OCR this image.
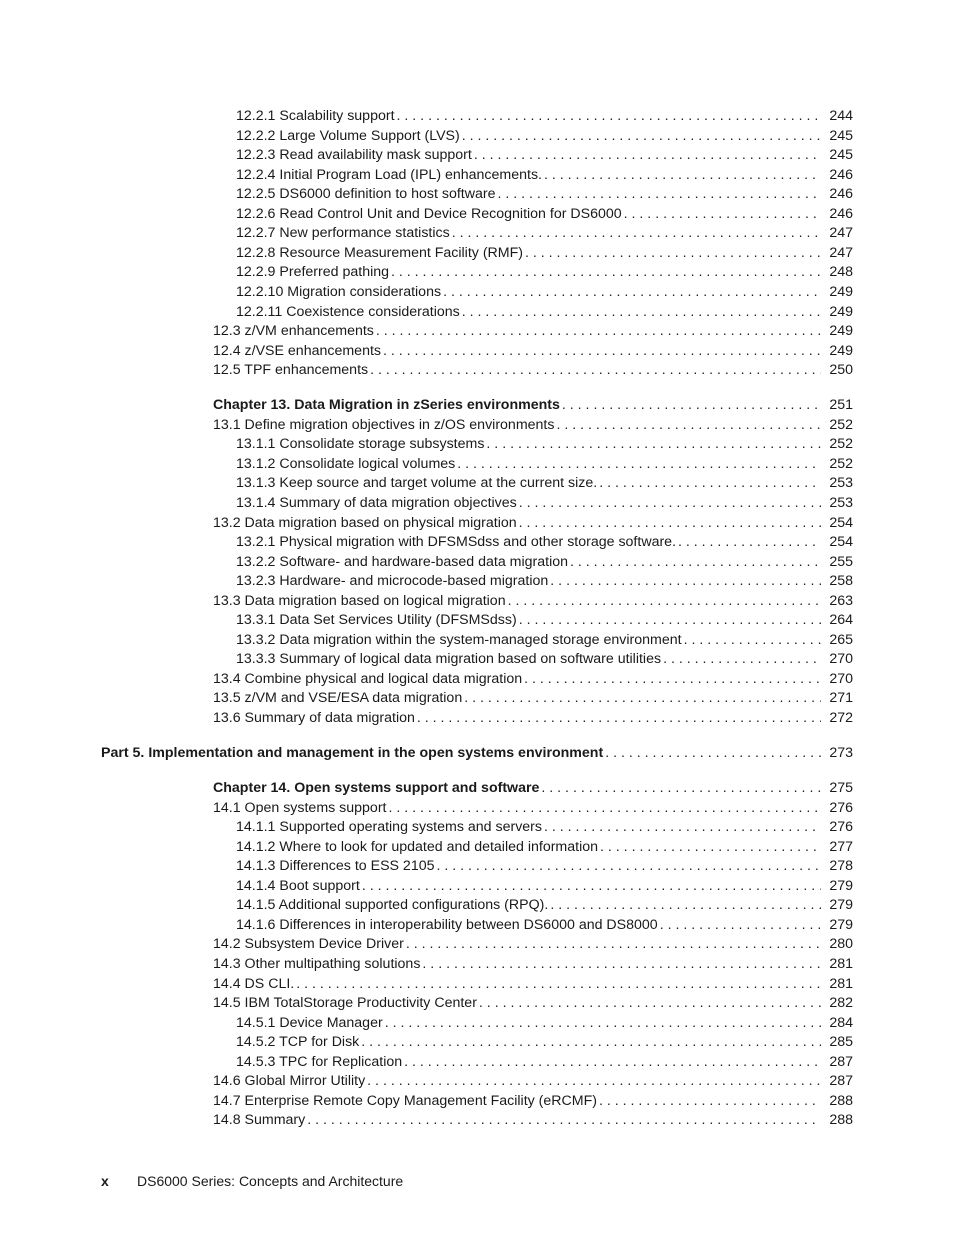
12.2.1 Scalability support . . .	244
12.2.2 Large Volume Support (LVS) . . .	245
12.2.3 Read availability mask support . . .	245
12.2.4 Initial Program Load (IPL) enhancements. . . .	246
12.2.5 DS6000 definition to host software . . .	246
12.2.6 Read Control Unit and Device Recognition for DS6000 . . .	246
12.2.7 New performance statistics . . .	247
12.2.8 Resource Measurement Facility (RMF) . . .	247
12.2.9 Preferred pathing . . .	248
12.2.10 Migration considerations . . .	249
12.2.11 Coexistence considerations . . .	249
12.3 z/VM enhancements . . .	249
12.4 z/VSE enhancements . . .	249
12.5 TPF enhancements . . .	250
Chapter 13. Data Migration in zSeries environments . . .	251
13.1 Define migration objectives in z/OS environments . . .	252
13.1.1 Consolidate storage subsystems . . .	252
13.1.2 Consolidate logical volumes . . .	252
13.1.3 Keep source and target volume at the current size. . . .	253
13.1.4 Summary of data migration objectives . . .	253
13.2 Data migration based on physical migration . . .	254
13.2.1 Physical migration with DFSMSdss and other storage software. . . .	254
13.2.2 Software- and hardware-based data migration . . .	255
13.2.3 Hardware- and microcode-based migration . . .	258
13.3 Data migration based on logical migration . . .	263
13.3.1 Data Set Services Utility (DFSMSdss) . . .	264
13.3.2 Data migration within the system-managed storage environment . . .	265
13.3.3 Summary of logical data migration based on software utilities . . .	270
13.4 Combine physical and logical data migration . . .	270
13.5 z/VM and VSE/ESA data migration . . .	271
13.6 Summary of data migration . . .	272
Part 5. Implementation and management in the open systems environment . . .	273
Chapter 14. Open systems support and software . . .	275
14.1 Open systems support . . .	276
14.1.1 Supported operating systems and servers . . .	276
14.1.2 Where to look for updated and detailed information . . .	277
14.1.3 Differences to ESS 2105 . . .	278
14.1.4 Boot support . . .	279
14.1.5 Additional supported configurations (RPQ). . . .	279
14.1.6 Differences in interoperability between DS6000 and DS8000 . . .	279
14.2 Subsystem Device Driver . . .	280
14.3 Other multipathing solutions . . .	281
14.4 DS CLI. . . .	281
14.5 IBM TotalStorage Productivity Center . . .	282
14.5.1 Device Manager . . .	284
14.5.2 TCP for Disk . . .	285
14.5.3 TPC for Replication . . .	287
14.6 Global Mirror Utility . . .	287
14.7 Enterprise Remote Copy Management Facility (eRCMF) . . .	288
14.8 Summary . . .	288
x	DS6000 Series: Concepts and Architecture
